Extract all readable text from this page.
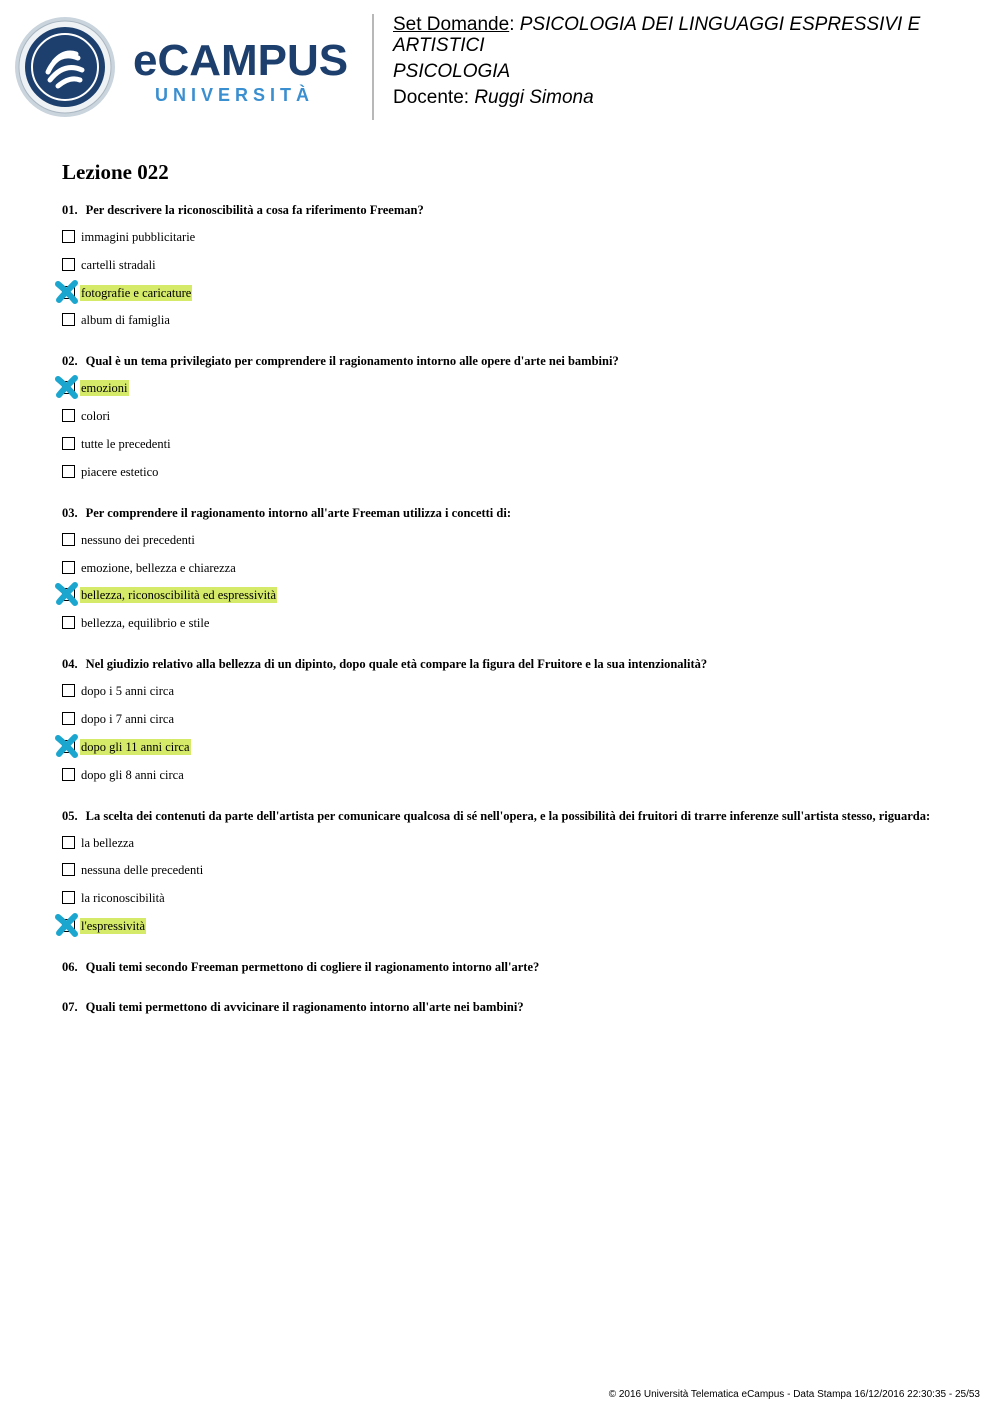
eCAMPUS
UNIVERSITÀ
Set Domande: PSICOLOGIA DEI LINGUAGGI ESPRESSIVI E ARTISTICI
PSICOLOGIA
Docente: Ruggi Simona
Lezione 022
01. Per descrivere la riconoscibilità a cosa fa riferimento Freeman?
immagini pubblicitarie
cartelli stradali
fotografie e caricature
album di famiglia
02. Qual è un tema privilegiato per comprendere il ragionamento intorno alle opere d'arte nei bambini?
emozioni
colori
tutte le precedenti
piacere estetico
03. Per comprendere il ragionamento intorno all'arte Freeman utilizza i concetti di:
nessuno dei precedenti
emozione, bellezza e chiarezza
bellezza, riconoscibilità ed espressività
bellezza, equilibrio e stile
04. Nel giudizio relativo alla bellezza di un dipinto, dopo quale età compare la figura del Fruitore e la sua intenzionalità?
dopo i 5 anni circa
dopo i 7 anni circa
dopo gli 11 anni circa
dopo gli 8 anni circa
05. La scelta dei contenuti da parte dell'artista per comunicare qualcosa di sé nell'opera, e la possibilità dei fruitori di trarre inferenze sull'artista stesso, riguarda:
la bellezza
nessuna delle precedenti
la riconoscibilità
l'espressività
06. Quali temi secondo Freeman permettono di cogliere il ragionamento intorno all'arte?
07. Quali temi permettono di avvicinare il ragionamento intorno all'arte nei bambini?
© 2016 Università Telematica eCampus - Data Stampa 16/12/2016 22:30:35 - 25/53
